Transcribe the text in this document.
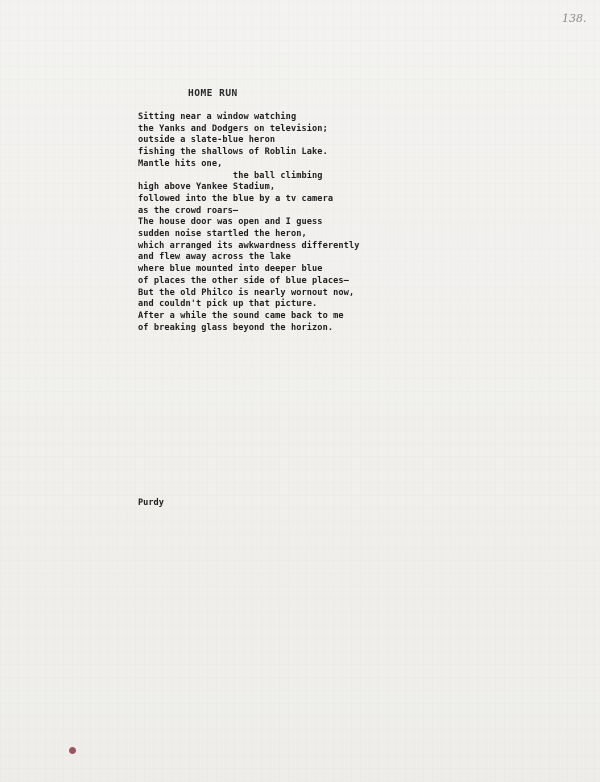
138.
HOME RUN
Sitting near a window watching
the Yanks and Dodgers on television;
outside a slate-blue heron
fishing the shallows of Roblin Lake.
Mantle hits one,
the ball climbing
high above Yankee Stadium,
followed into the blue by a tv camera
as the crowd roars—
The house door was open and I guess
sudden noise startled the heron,
which arranged its awkwardness differently
and flew away across the lake
where blue mounted into deeper blue
of places the other side of blue places—
But the old Philco is nearly wornout now,
and couldn't pick up that picture.
After a while the sound came back to me
of breaking glass beyond the horizon.
Purdy
